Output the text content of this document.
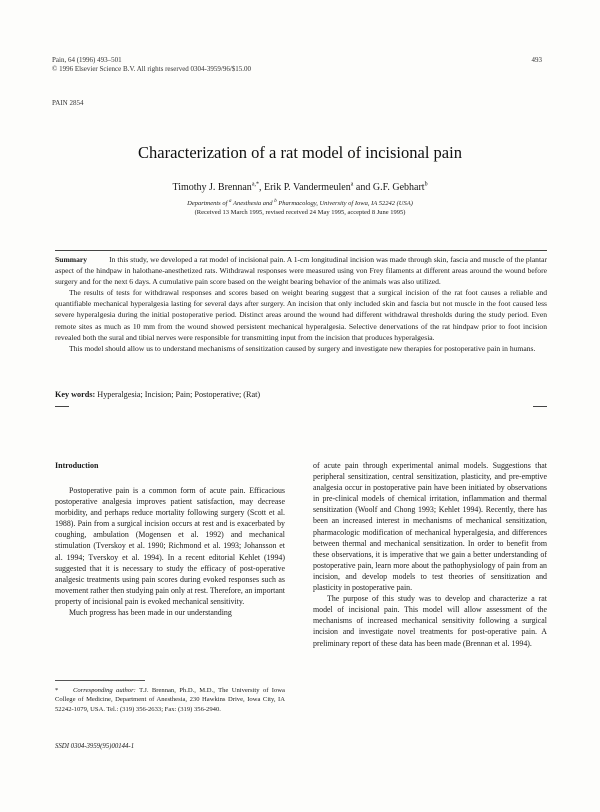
Pain, 64 (1996) 493–501
© 1996 Elsevier Science B.V. All rights reserved 0304-3959/96/$15.00
493
PAIN 2854
Characterization of a rat model of incisional pain
Timothy J. Brennan$^{a,*}$, Erik P. Vandermeulen$^a$ and G.F. Gebhart$^b$
Departments of $^a$ Anesthesia and $^b$ Pharmacology, University of Iowa, IA 52242 (USA)
(Received 13 March 1995, revised received 24 May 1995, accepted 8 June 1995)

Summary	In this study, we developed a rat model of incisional pain. A 1-cm longitudinal incision was made through skin, fascia and muscle of the plantar aspect of the hindpaw in halothane-anesthetized rats. Withdrawal responses were measured using von Frey filaments at different areas around the wound before surgery and for the next 6 days. A cumulative pain score based on the weight bearing behavior of the animals was also utilized.

The results of tests for withdrawal responses and scores based on weight bearing suggest that a surgical incision of the rat foot causes a reliable and quantifiable mechanical hyperalgesia lasting for several days after surgery. An incision that only included skin and fascia but not muscle in the foot caused less severe hyperalgesia during the initial postoperative period. Distinct areas around the wound had different withdrawal thresholds during the study period. Even remote sites as much as 10 mm from the wound showed persistent mechanical hyperalgesia. Selective denervations of the rat hindpaw prior to foot incision revealed both the sural and tibial nerves were responsible for transmitting input from the incision that produces hyperalgesia.

This model should allow us to understand mechanisms of sensitization caused by surgery and investigate new therapies for postoperative pain in humans.

Key words: Hyperalgesia; Incision; Pain; Postoperative; (Rat)
Introduction

Postoperative pain is a common form of acute pain. Efficacious postoperative analgesia improves patient satisfaction, may decrease morbidity, and perhaps reduce mortality following surgery (Scott et al. 1988). Pain from a surgical incision occurs at rest and is exacerbated by coughing, ambulation (Mogensen et al. 1992) and mechanical stimulation (Tverskoy et al. 1990; Richmond et al. 1993; Johansson et al. 1994; Tverskoy et al. 1994). In a recent editorial Kehlet (1994) suggested that it is necessary to study the efficacy of post-operative analgesic treatments using pain scores during evoked responses such as movement rather then studying pain only at rest. Therefore, an important property of incisional pain is evoked mechanical sensitivity.

Much progress has been made in our understanding

of acute pain through experimental animal models. Suggestions that peripheral sensitization, central sensitization, plasticity, and pre-emptive analgesia occur in postoperative pain have been initiated by observations in pre-clinical models of chemical irritation, inflammation and thermal sensitization (Woolf and Chong 1993; Kehlet 1994). Recently, there has been an increased interest in mechanisms of mechanical sensitization, pharmacologic modification of mechanical hyperalgesia, and differences between thermal and mechanical sensitization. In order to benefit from these observations, it is imperative that we gain a better understanding of postoperative pain, learn more about the pathophysiology of pain from an incision, and develop models to test theories of sensitization and plasticity in postoperative pain.

The purpose of this study was to develop and characterize a rat model of incisional pain. This model will allow assessment of the mechanisms of increased mechanical sensitivity following a surgical incision and investigate novel treatments for post-operative pain. A preliminary report of these data has been made (Brennan et al. 1994).

* Corresponding author: T.J. Brennan, Ph.D., M.D., The University of Iowa College of Medicine, Department of Anesthesia, 230 Hawkins Drive, Iowa City, IA 52242-1079, USA. Tel.: (319) 356-2633; Fax: (319) 356-2940.
SSDI 0304-3959(95)00144-1
